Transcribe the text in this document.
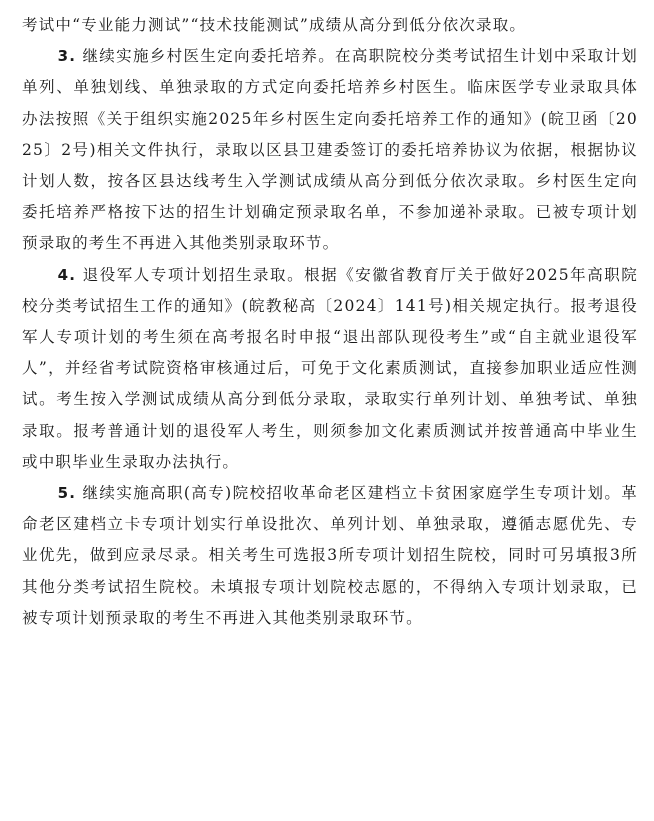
考试中“专业能力测试”“技术技能测试”成绩从高分到低分依次录取。

3. 继续实施乡村医生定向委托培养。在高职院校分类考试招生计划中采取计划单列、单独划线、单独录取的方式定向委托培养乡村医生。临床医学专业录取具体办法按照《关于组织实施2025年乡村医生定向委托培养工作的通知》(皖卫函〔2025〕2号)相关文件执行，录取以区县卫建委签订的委托培养协议为依据，根据协议计划人数，按各区县达线考生入学测试成绩从高分到低分依次录取。乡村医生定向委托培养严格按下达的招生计划确定预录取名单，不参加递补录取。已被专项计划预录取的考生不再进入其他类别录取环节。

4. 退役军人专项计划招生录取。根据《安徽省教育厅关于做好2025年高职院校分类考试招生工作的通知》(皖教秘高〔2024〕141号)相关规定执行。报考退役军人专项计划的考生须在高考报名时申报“退出部队现役考生”或“自主就业退役军人”，并经省考试院资格审核通过后，可免于文化素质测试，直接参加职业适应性测试。考生按入学测试成绩从高分到低分录取，录取实行单列计划、单独考试、单独录取。报考普通计划的退役军人考生，则须参加文化素质测试并按普通高中毕业生或中职毕业生录取办法执行。

5. 继续实施高职(高专)院校招收革命老区建档立卡贫困家庭学生专项计划。革命老区建档立卡专项计划实行单设批次、单列计划、单独录取，遵循志愿优先、专业优先，做到应录尽录。相关考生可选报3所专项计划招生院校，同时可另填报3所其他分类考试招生院校。未填报专项计划院校志愿的，不得纳入专项计划录取，已被专项计划预录取的考生不再进入其他类别录取环节。
